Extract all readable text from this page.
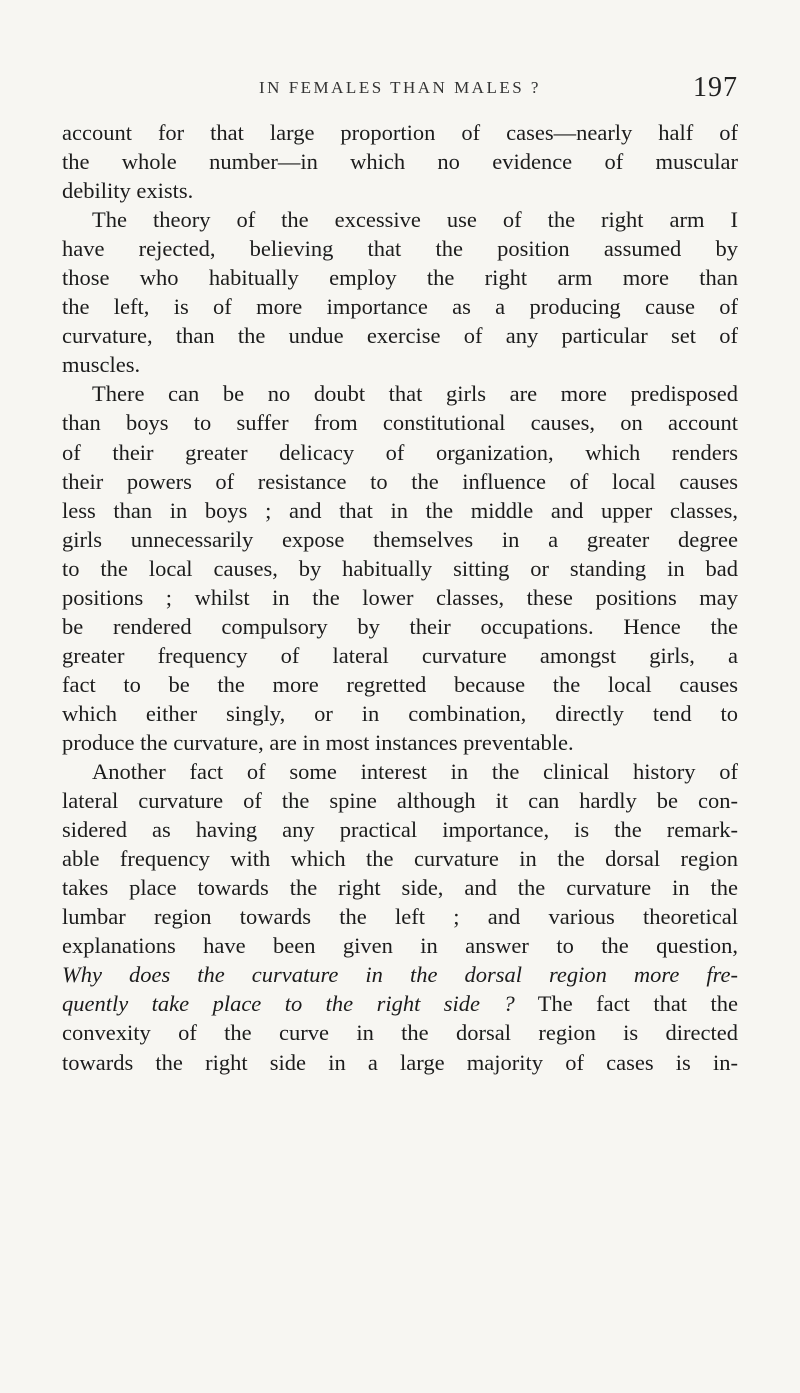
IN FEMALES THAN MALES ?	197
account for that large proportion of cases—nearly half of
the whole number—in which no evidence of muscular
debility exists.
The theory of the excessive use of the right arm I
have rejected, believing that the position assumed by
those who habitually employ the right arm more than
the left, is of more importance as a producing cause of
curvature, than the undue exercise of any particular set of
muscles.
There can be no doubt that girls are more predisposed
than boys to suffer from constitutional causes, on account
of their greater delicacy of organization, which renders
their powers of resistance to the influence of local causes
less than in boys ; and that in the middle and upper classes,
girls unnecessarily expose themselves in a greater degree
to the local causes, by habitually sitting or standing in bad
positions ; whilst in the lower classes, these positions may
be rendered compulsory by their occupations. Hence the
greater frequency of lateral curvature amongst girls, a
fact to be the more regretted because the local causes
which either singly, or in combination, directly tend to
produce the curvature, are in most instances preventable.
Another fact of some interest in the clinical history of
lateral curvature of the spine although it can hardly be con-
sidered as having any practical importance, is the remark-
able frequency with which the curvature in the dorsal region
takes place towards the right side, and the curvature in the
lumbar region towards the left ; and various theoretical
explanations have been given in answer to the question,
Why does the curvature in the dorsal region more fre-
quently take place to the right side ? The fact that the
convexity of the curve in the dorsal region is directed
towards the right side in a large majority of cases is in-
